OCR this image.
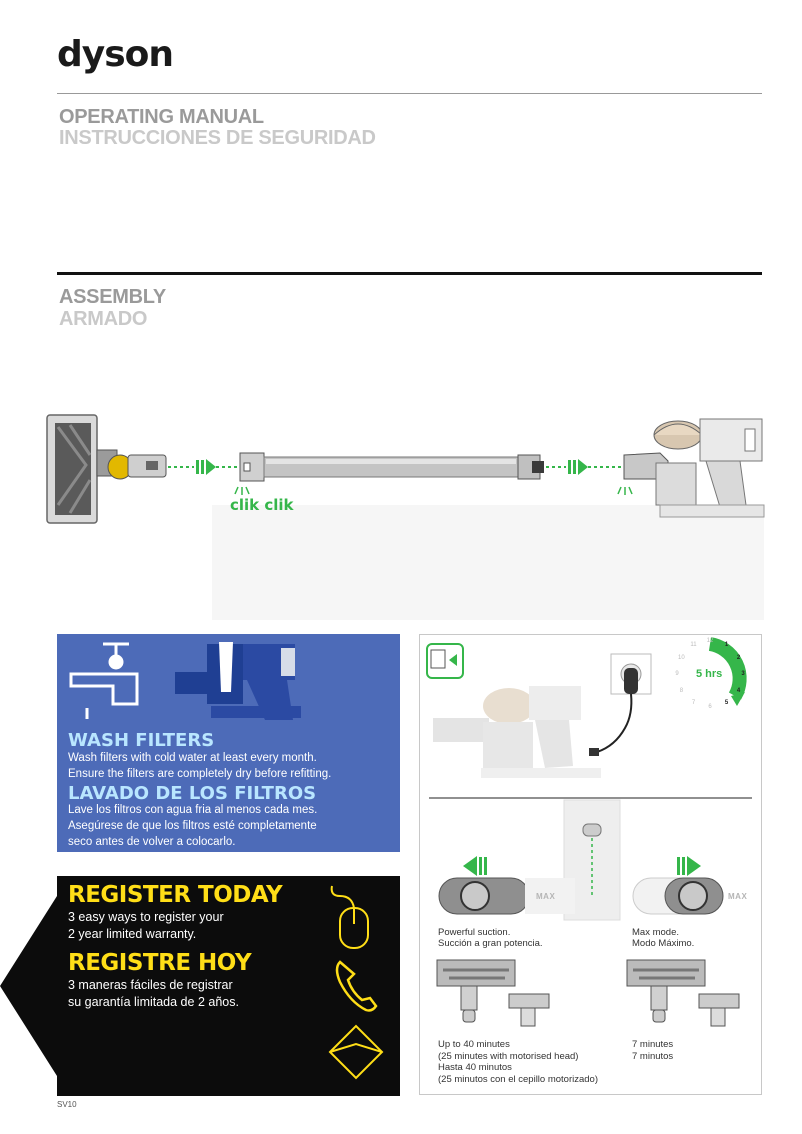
dyson
OPERATING MANUAL
INSTRUCCIONES DE SEGURIDAD
ASSEMBLY
ARMADO
clik clik
WASH FILTERS
Wash filters with cold water at least every month.
Ensure the filters are completely dry before refitting.
LAVADO DE LOS FILTROS
Lave los filtros con agua fria al menos cada mes.
Asegúrese de que los filtros esté completamente
seco antes de volver a colocarlo.
REGISTER TODAY
3 easy ways to register your
2 year limited warranty.
REGISTRE HOY
3 maneras fáciles de registrar
su garantía limitada de 2 años.
12
1
2
3
4
5
6
7
8
9
10
11
5 hrs
MAX	MAX
Powerful suction.
Succión a gran potencia.
Max mode.
Modo Máximo.
Up to 40 minutes
(25 minutes with motorised head)
Hasta 40 minutos
(25 minutos con el cepillo motorizado)
7 minutes
7 minutos
SV10
